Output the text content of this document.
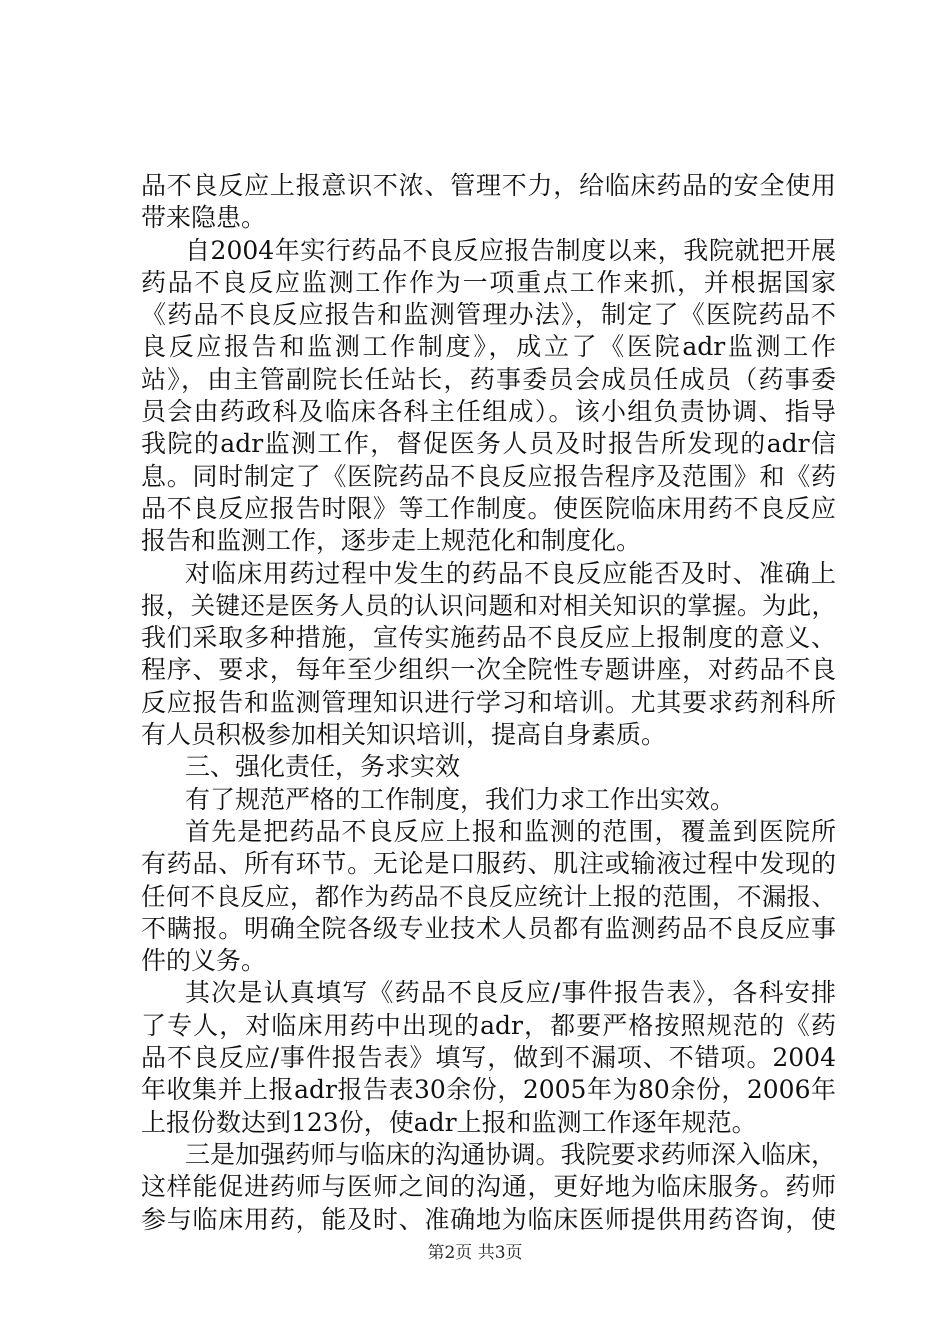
品不良反应上报意识不浓、管理不力，给临床药品的安全使用
带来隐患。
自2004年实行药品不良反应报告制度以来，我院就把开展
药品不良反应监测工作作为一项重点工作来抓，并根据国家
《药品不良反应报告和监测管理办法》，制定了《医院药品不
良反应报告和监测工作制度》，成立了《医院adr监测工作
站》，由主管副院长任站长，药事委员会成员任成员（药事委
员会由药政科及临床各科主任组成）。该小组负责协调、指导
我院的adr监测工作，督促医务人员及时报告所发现的adr信
息。同时制定了《医院药品不良反应报告程序及范围》和《药
品不良反应报告时限》等工作制度。使医院临床用药不良反应
报告和监测工作，逐步走上规范化和制度化。
对临床用药过程中发生的药品不良反应能否及时、准确上
报，关键还是医务人员的认识问题和对相关知识的掌握。为此，
我们采取多种措施，宣传实施药品不良反应上报制度的意义、
程序、要求，每年至少组织一次全院性专题讲座，对药品不良
反应报告和监测管理知识进行学习和培训。尤其要求药剂科所
有人员积极参加相关知识培训，提高自身素质。
三、强化责任，务求实效
有了规范严格的工作制度，我们力求工作出实效。
首先是把药品不良反应上报和监测的范围，覆盖到医院所
有药品、所有环节。无论是口服药、肌注或输液过程中发现的
任何不良反应，都作为药品不良反应统计上报的范围，不漏报、
不瞒报。明确全院各级专业技术人员都有监测药品不良反应事
件的义务。
其次是认真填写《药品不良反应/事件报告表》，各科安排
了专人，对临床用药中出现的adr，都要严格按照规范的《药
品不良反应/事件报告表》填写，做到不漏项、不错项。2004
年收集并上报adr报告表30余份，2005年为80余份，2006年
上报份数达到123份，使adr上报和监测工作逐年规范。
三是加强药师与临床的沟通协调。我院要求药师深入临床，
这样能促进药师与医师之间的沟通，更好地为临床服务。药师
参与临床用药，能及时、准确地为临床医师提供用药咨询，使
第2页 共3页
